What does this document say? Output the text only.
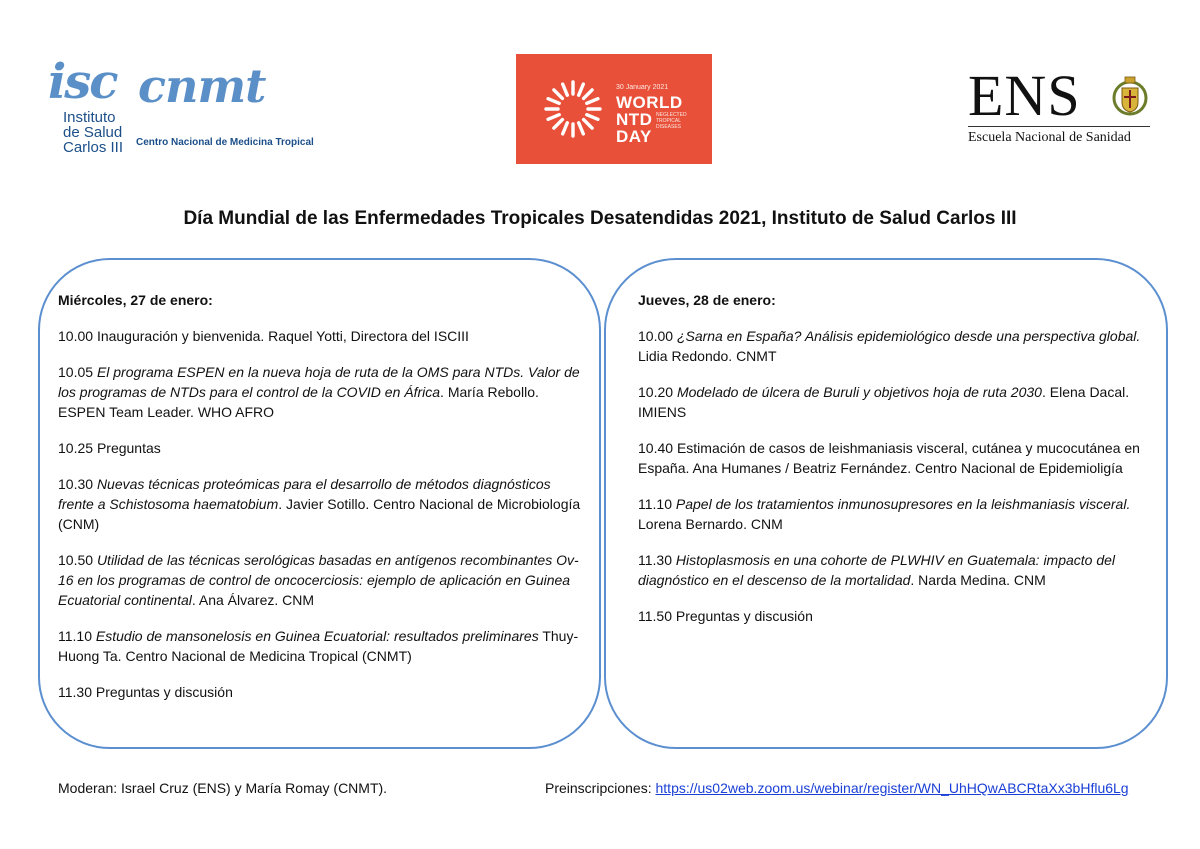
isc cnmt
Instituto
de Salud
Carlos III Centro Nacional de Medicina Tropical
30 January 2021
WORLD
NTD
DAY
NEGLECTED TROPICAL DISEASES	ENS
Escuela Nacional de Sanidad
Día Mundial de las Enfermedades Tropicales Desatendidas 2021, Instituto de Salud Carlos III
Miércoles, 27 de enero:
10.00 Inauguración y bienvenida. Raquel Yotti, Directora del ISCIII
10.05 El programa ESPEN en la nueva hoja de ruta de la OMS para NTDs. Valor de los programas de NTDs para el control de la COVID en África. María Rebollo. ESPEN Team Leader. WHO AFRO
10.25 Preguntas
10.30 Nuevas técnicas proteómicas para el desarrollo de métodos diagnósticos frente a Schistosoma haematobium. Javier Sotillo. Centro Nacional de Microbiología (CNM)
10.50 Utilidad de las técnicas serológicas basadas en antígenos recombinantes Ov-16 en los programas de control de oncocerciosis: ejemplo de aplicación en Guinea Ecuatorial continental. Ana Álvarez. CNM
11.10 Estudio de mansonelosis en Guinea Ecuatorial: resultados preliminares Thuy-Huong Ta. Centro Nacional de Medicina Tropical (CNMT)
11.30 Preguntas y discusión
Jueves, 28 de enero:
10.00 ¿Sarna en España? Análisis epidemiológico desde una perspectiva global. Lidia Redondo. CNMT
10.20 Modelado de úlcera de Buruli y objetivos hoja de ruta 2030. Elena Dacal. IMIENS
10.40 Estimación de casos de leishmaniasis visceral, cutánea y mucocutánea en España. Ana Humanes / Beatriz Fernández. Centro Nacional de Epidemioligía
11.10 Papel de los tratamientos inmunosupresores en la leishmaniasis visceral. Lorena Bernardo. CNM
11.30 Histoplasmosis en una cohorte de PLWHIV en Guatemala: impacto del diagnóstico en el descenso de la mortalidad. Narda Medina. CNM
11.50 Preguntas y discusión
Moderan: Israel Cruz (ENS) y María Romay (CNMT).	Preinscripciones: https://us02web.zoom.us/webinar/register/WN_UhHQwABCRtaXx3bHflu6Lg
